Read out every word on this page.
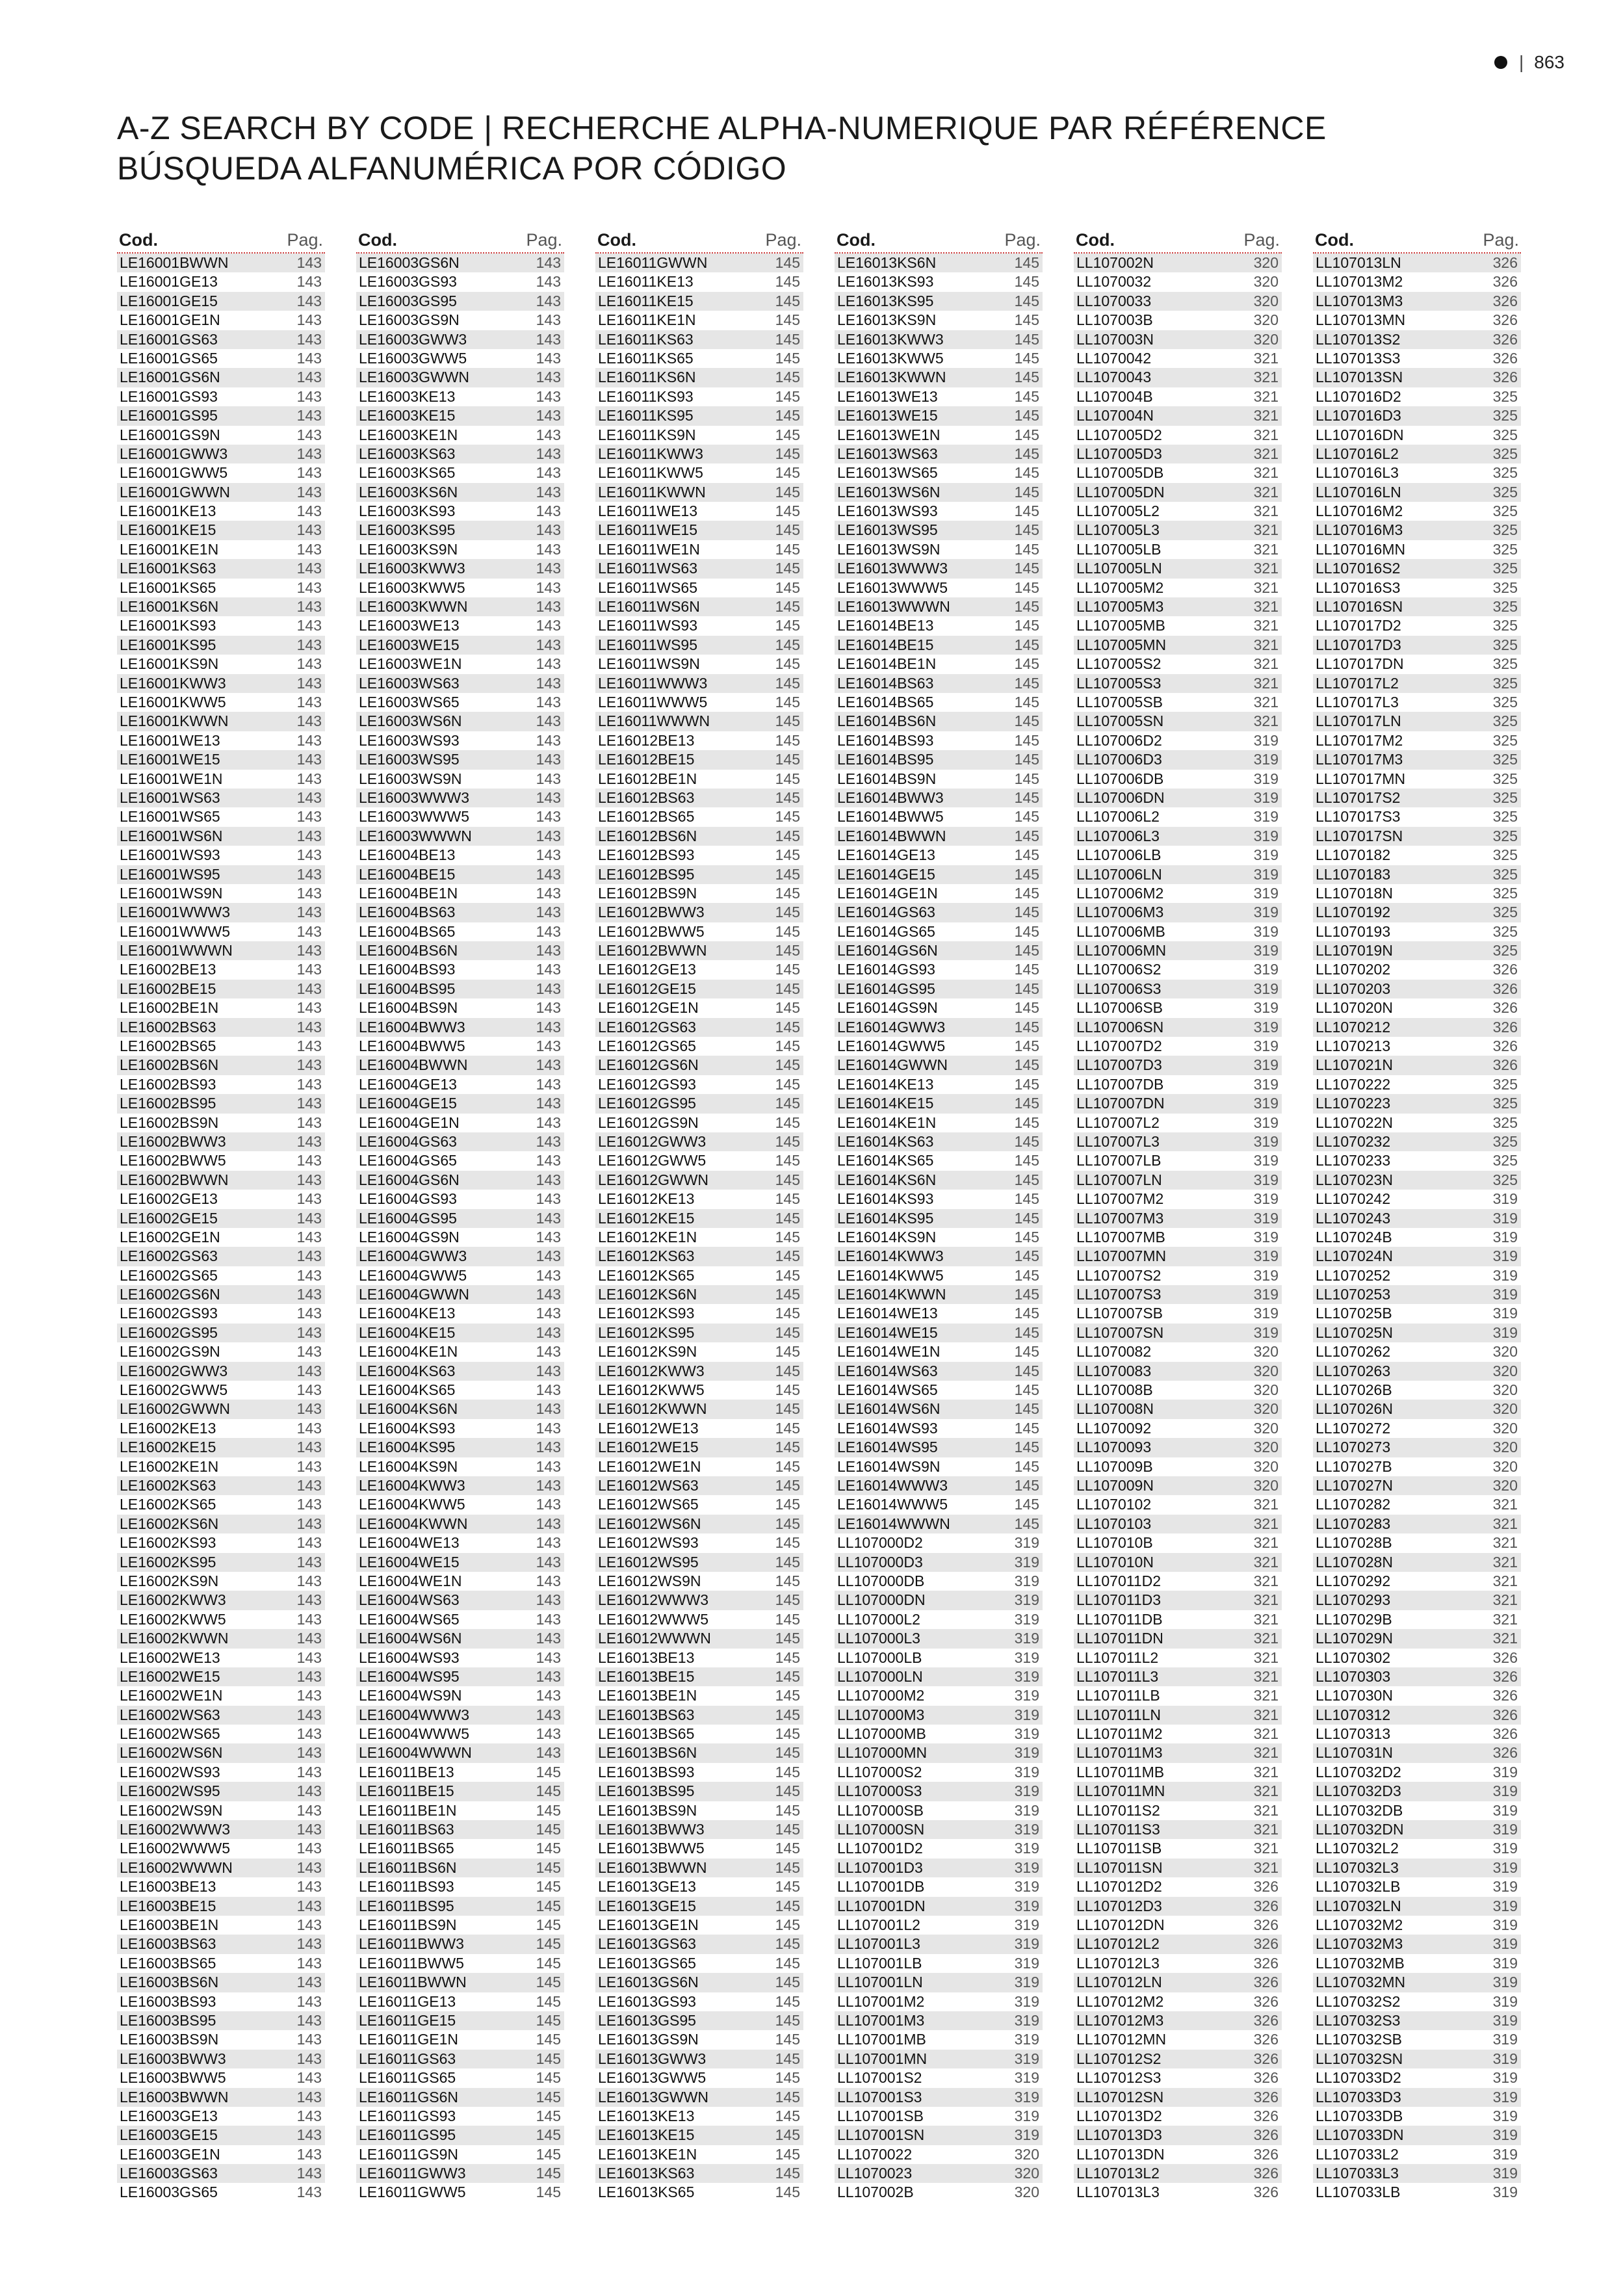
| 863
A-Z SEARCH BY CODE | RECHERCHE ALPHA-NUMERIQUE PAR RÉFÉRENCE
BÚSQUEDA ALFANUMÉRICA POR CÓDIGO
Cod.	Pag.
LE16001BWWN	143
LE16001GE13	143
LE16001GE15	143
LE16001GE1N	143
LE16001GS63	143
LE16001GS65	143
LE16001GS6N	143
LE16001GS93	143
LE16001GS95	143
LE16001GS9N	143
LE16001GWW3	143
LE16001GWW5	143
LE16001GWWN	143
LE16001KE13	143
LE16001KE15	143
LE16001KE1N	143
LE16001KS63	143
LE16001KS65	143
LE16001KS6N	143
LE16001KS93	143
LE16001KS95	143
LE16001KS9N	143
LE16001KWW3	143
LE16001KWW5	143
LE16001KWWN	143
LE16001WE13	143
LE16001WE15	143
LE16001WE1N	143
LE16001WS63	143
LE16001WS65	143
LE16001WS6N	143
LE16001WS93	143
LE16001WS95	143
LE16001WS9N	143
LE16001WWW3	143
LE16001WWW5	143
LE16001WWWN	143
LE16002BE13	143
LE16002BE15	143
LE16002BE1N	143
LE16002BS63	143
LE16002BS65	143
LE16002BS6N	143
LE16002BS93	143
LE16002BS95	143
LE16002BS9N	143
LE16002BWW3	143
LE16002BWW5	143
LE16002BWWN	143
LE16002GE13	143
LE16002GE15	143
LE16002GE1N	143
LE16002GS63	143
LE16002GS65	143
LE16002GS6N	143
LE16002GS93	143
LE16002GS95	143
LE16002GS9N	143
LE16002GWW3	143
LE16002GWW5	143
LE16002GWWN	143
LE16002KE13	143
LE16002KE15	143
LE16002KE1N	143
LE16002KS63	143
LE16002KS65	143
LE16002KS6N	143
LE16002KS93	143
LE16002KS95	143
LE16002KS9N	143
LE16002KWW3	143
LE16002KWW5	143
LE16002KWWN	143
LE16002WE13	143
LE16002WE15	143
LE16002WE1N	143
LE16002WS63	143
LE16002WS65	143
LE16002WS6N	143
LE16002WS93	143
LE16002WS95	143
LE16002WS9N	143
LE16002WWW3	143
LE16002WWW5	143
LE16002WWWN	143
LE16003BE13	143
LE16003BE15	143
LE16003BE1N	143
LE16003BS63	143
LE16003BS65	143
LE16003BS6N	143
LE16003BS93	143
LE16003BS95	143
LE16003BS9N	143
LE16003BWW3	143
LE16003BWW5	143
LE16003BWWN	143
LE16003GE13	143
LE16003GE15	143
LE16003GE1N	143
LE16003GS63	143
LE16003GS65	143
Cod.	Pag.
LE16003GS6N	143
LE16003GS93	143
LE16003GS95	143
LE16003GS9N	143
LE16003GWW3	143
LE16003GWW5	143
LE16003GWWN	143
LE16003KE13	143
LE16003KE15	143
LE16003KE1N	143
LE16003KS63	143
LE16003KS65	143
LE16003KS6N	143
LE16003KS93	143
LE16003KS95	143
LE16003KS9N	143
LE16003KWW3	143
LE16003KWW5	143
LE16003KWWN	143
LE16003WE13	143
LE16003WE15	143
LE16003WE1N	143
LE16003WS63	143
LE16003WS65	143
LE16003WS6N	143
LE16003WS93	143
LE16003WS95	143
LE16003WS9N	143
LE16003WWW3	143
LE16003WWW5	143
LE16003WWWN	143
LE16004BE13	143
LE16004BE15	143
LE16004BE1N	143
LE16004BS63	143
LE16004BS65	143
LE16004BS6N	143
LE16004BS93	143
LE16004BS95	143
LE16004BS9N	143
LE16004BWW3	143
LE16004BWW5	143
LE16004BWWN	143
LE16004GE13	143
LE16004GE15	143
LE16004GE1N	143
LE16004GS63	143
LE16004GS65	143
LE16004GS6N	143
LE16004GS93	143
LE16004GS95	143
LE16004GS9N	143
LE16004GWW3	143
LE16004GWW5	143
LE16004GWWN	143
LE16004KE13	143
LE16004KE15	143
LE16004KE1N	143
LE16004KS63	143
LE16004KS65	143
LE16004KS6N	143
LE16004KS93	143
LE16004KS95	143
LE16004KS9N	143
LE16004KWW3	143
LE16004KWW5	143
LE16004KWWN	143
LE16004WE13	143
LE16004WE15	143
LE16004WE1N	143
LE16004WS63	143
LE16004WS65	143
LE16004WS6N	143
LE16004WS93	143
LE16004WS95	143
LE16004WS9N	143
LE16004WWW3	143
LE16004WWW5	143
LE16004WWWN	143
LE16011BE13	145
LE16011BE15	145
LE16011BE1N	145
LE16011BS63	145
LE16011BS65	145
LE16011BS6N	145
LE16011BS93	145
LE16011BS95	145
LE16011BS9N	145
LE16011BWW3	145
LE16011BWW5	145
LE16011BWWN	145
LE16011GE13	145
LE16011GE15	145
LE16011GE1N	145
LE16011GS63	145
LE16011GS65	145
LE16011GS6N	145
LE16011GS93	145
LE16011GS95	145
LE16011GS9N	145
LE16011GWW3	145
LE16011GWW5	145
Cod.	Pag.
LE16011GWWN	145
LE16011KE13	145
LE16011KE15	145
LE16011KE1N	145
LE16011KS63	145
LE16011KS65	145
LE16011KS6N	145
LE16011KS93	145
LE16011KS95	145
LE16011KS9N	145
LE16011KWW3	145
LE16011KWW5	145
LE16011KWWN	145
LE16011WE13	145
LE16011WE15	145
LE16011WE1N	145
LE16011WS63	145
LE16011WS65	145
LE16011WS6N	145
LE16011WS93	145
LE16011WS95	145
LE16011WS9N	145
LE16011WWW3	145
LE16011WWW5	145
LE16011WWWN	145
LE16012BE13	145
LE16012BE15	145
LE16012BE1N	145
LE16012BS63	145
LE16012BS65	145
LE16012BS6N	145
LE16012BS93	145
LE16012BS95	145
LE16012BS9N	145
LE16012BWW3	145
LE16012BWW5	145
LE16012BWWN	145
LE16012GE13	145
LE16012GE15	145
LE16012GE1N	145
LE16012GS63	145
LE16012GS65	145
LE16012GS6N	145
LE16012GS93	145
LE16012GS95	145
LE16012GS9N	145
LE16012GWW3	145
LE16012GWW5	145
LE16012GWWN	145
LE16012KE13	145
LE16012KE15	145
LE16012KE1N	145
LE16012KS63	145
LE16012KS65	145
LE16012KS6N	145
LE16012KS93	145
LE16012KS95	145
LE16012KS9N	145
LE16012KWW3	145
LE16012KWW5	145
LE16012KWWN	145
LE16012WE13	145
LE16012WE15	145
LE16012WE1N	145
LE16012WS63	145
LE16012WS65	145
LE16012WS6N	145
LE16012WS93	145
LE16012WS95	145
LE16012WS9N	145
LE16012WWW3	145
LE16012WWW5	145
LE16012WWWN	145
LE16013BE13	145
LE16013BE15	145
LE16013BE1N	145
LE16013BS63	145
LE16013BS65	145
LE16013BS6N	145
LE16013BS93	145
LE16013BS95	145
LE16013BS9N	145
LE16013BWW3	145
LE16013BWW5	145
LE16013BWWN	145
LE16013GE13	145
LE16013GE15	145
LE16013GE1N	145
LE16013GS63	145
LE16013GS65	145
LE16013GS6N	145
LE16013GS93	145
LE16013GS95	145
LE16013GS9N	145
LE16013GWW3	145
LE16013GWW5	145
LE16013GWWN	145
LE16013KE13	145
LE16013KE15	145
LE16013KE1N	145
LE16013KS63	145
LE16013KS65	145
Cod.	Pag.
LE16013KS6N	145
LE16013KS93	145
LE16013KS95	145
LE16013KS9N	145
LE16013KWW3	145
LE16013KWW5	145
LE16013KWWN	145
LE16013WE13	145
LE16013WE15	145
LE16013WE1N	145
LE16013WS63	145
LE16013WS65	145
LE16013WS6N	145
LE16013WS93	145
LE16013WS95	145
LE16013WS9N	145
LE16013WWW3	145
LE16013WWW5	145
LE16013WWWN	145
LE16014BE13	145
LE16014BE15	145
LE16014BE1N	145
LE16014BS63	145
LE16014BS65	145
LE16014BS6N	145
LE16014BS93	145
LE16014BS95	145
LE16014BS9N	145
LE16014BWW3	145
LE16014BWW5	145
LE16014BWWN	145
LE16014GE13	145
LE16014GE15	145
LE16014GE1N	145
LE16014GS63	145
LE16014GS65	145
LE16014GS6N	145
LE16014GS93	145
LE16014GS95	145
LE16014GS9N	145
LE16014GWW3	145
LE16014GWW5	145
LE16014GWWN	145
LE16014KE13	145
LE16014KE15	145
LE16014KE1N	145
LE16014KS63	145
LE16014KS65	145
LE16014KS6N	145
LE16014KS93	145
LE16014KS95	145
LE16014KS9N	145
LE16014KWW3	145
LE16014KWW5	145
LE16014KWWN	145
LE16014WE13	145
LE16014WE15	145
LE16014WE1N	145
LE16014WS63	145
LE16014WS65	145
LE16014WS6N	145
LE16014WS93	145
LE16014WS95	145
LE16014WS9N	145
LE16014WWW3	145
LE16014WWW5	145
LE16014WWWN	145
LL107000D2	319
LL107000D3	319
LL107000DB	319
LL107000DN	319
LL107000L2	319
LL107000L3	319
LL107000LB	319
LL107000LN	319
LL107000M2	319
LL107000M3	319
LL107000MB	319
LL107000MN	319
LL107000S2	319
LL107000S3	319
LL107000SB	319
LL107000SN	319
LL107001D2	319
LL107001D3	319
LL107001DB	319
LL107001DN	319
LL107001L2	319
LL107001L3	319
LL107001LB	319
LL107001LN	319
LL107001M2	319
LL107001M3	319
LL107001MB	319
LL107001MN	319
LL107001S2	319
LL107001S3	319
LL107001SB	319
LL107001SN	319
LL1070022	320
LL1070023	320
LL107002B	320
Cod.	Pag.
LL107002N	320
LL1070032	320
LL1070033	320
LL107003B	320
LL107003N	320
LL1070042	321
LL1070043	321
LL107004B	321
LL107004N	321
LL107005D2	321
LL107005D3	321
LL107005DB	321
LL107005DN	321
LL107005L2	321
LL107005L3	321
LL107005LB	321
LL107005LN	321
LL107005M2	321
LL107005M3	321
LL107005MB	321
LL107005MN	321
LL107005S2	321
LL107005S3	321
LL107005SB	321
LL107005SN	321
LL107006D2	319
LL107006D3	319
LL107006DB	319
LL107006DN	319
LL107006L2	319
LL107006L3	319
LL107006LB	319
LL107006LN	319
LL107006M2	319
LL107006M3	319
LL107006MB	319
LL107006MN	319
LL107006S2	319
LL107006S3	319
LL107006SB	319
LL107006SN	319
LL107007D2	319
LL107007D3	319
LL107007DB	319
LL107007DN	319
LL107007L2	319
LL107007L3	319
LL107007LB	319
LL107007LN	319
LL107007M2	319
LL107007M3	319
LL107007MB	319
LL107007MN	319
LL107007S2	319
LL107007S3	319
LL107007SB	319
LL107007SN	319
LL1070082	320
LL1070083	320
LL107008B	320
LL107008N	320
LL1070092	320
LL1070093	320
LL107009B	320
LL107009N	320
LL1070102	321
LL1070103	321
LL107010B	321
LL107010N	321
LL107011D2	321
LL107011D3	321
LL107011DB	321
LL107011DN	321
LL107011L2	321
LL107011L3	321
LL107011LB	321
LL107011LN	321
LL107011M2	321
LL107011M3	321
LL107011MB	321
LL107011MN	321
LL107011S2	321
LL107011S3	321
LL107011SB	321
LL107011SN	321
LL107012D2	326
LL107012D3	326
LL107012DN	326
LL107012L2	326
LL107012L3	326
LL107012LN	326
LL107012M2	326
LL107012M3	326
LL107012MN	326
LL107012S2	326
LL107012S3	326
LL107012SN	326
LL107013D2	326
LL107013D3	326
LL107013DN	326
LL107013L2	326
LL107013L3	326
Cod.	Pag.
LL107013LN	326
LL107013M2	326
LL107013M3	326
LL107013MN	326
LL107013S2	326
LL107013S3	326
LL107013SN	326
LL107016D2	325
LL107016D3	325
LL107016DN	325
LL107016L2	325
LL107016L3	325
LL107016LN	325
LL107016M2	325
LL107016M3	325
LL107016MN	325
LL107016S2	325
LL107016S3	325
LL107016SN	325
LL107017D2	325
LL107017D3	325
LL107017DN	325
LL107017L2	325
LL107017L3	325
LL107017LN	325
LL107017M2	325
LL107017M3	325
LL107017MN	325
LL107017S2	325
LL107017S3	325
LL107017SN	325
LL1070182	325
LL1070183	325
LL107018N	325
LL1070192	325
LL1070193	325
LL107019N	325
LL1070202	326
LL1070203	326
LL107020N	326
LL1070212	326
LL1070213	326
LL107021N	326
LL1070222	325
LL1070223	325
LL107022N	325
LL1070232	325
LL1070233	325
LL107023N	325
LL1070242	319
LL1070243	319
LL107024B	319
LL107024N	319
LL1070252	319
LL1070253	319
LL107025B	319
LL107025N	319
LL1070262	320
LL1070263	320
LL107026B	320
LL107026N	320
LL1070272	320
LL1070273	320
LL107027B	320
LL107027N	320
LL1070282	321
LL1070283	321
LL107028B	321
LL107028N	321
LL1070292	321
LL1070293	321
LL107029B	321
LL107029N	321
LL1070302	326
LL1070303	326
LL107030N	326
LL1070312	326
LL1070313	326
LL107031N	326
LL107032D2	319
LL107032D3	319
LL107032DB	319
LL107032DN	319
LL107032L2	319
LL107032L3	319
LL107032LB	319
LL107032LN	319
LL107032M2	319
LL107032M3	319
LL107032MB	319
LL107032MN	319
LL107032S2	319
LL107032S3	319
LL107032SB	319
LL107032SN	319
LL107033D2	319
LL107033D3	319
LL107033DB	319
LL107033DN	319
LL107033L2	319
LL107033L3	319
LL107033LB	319
